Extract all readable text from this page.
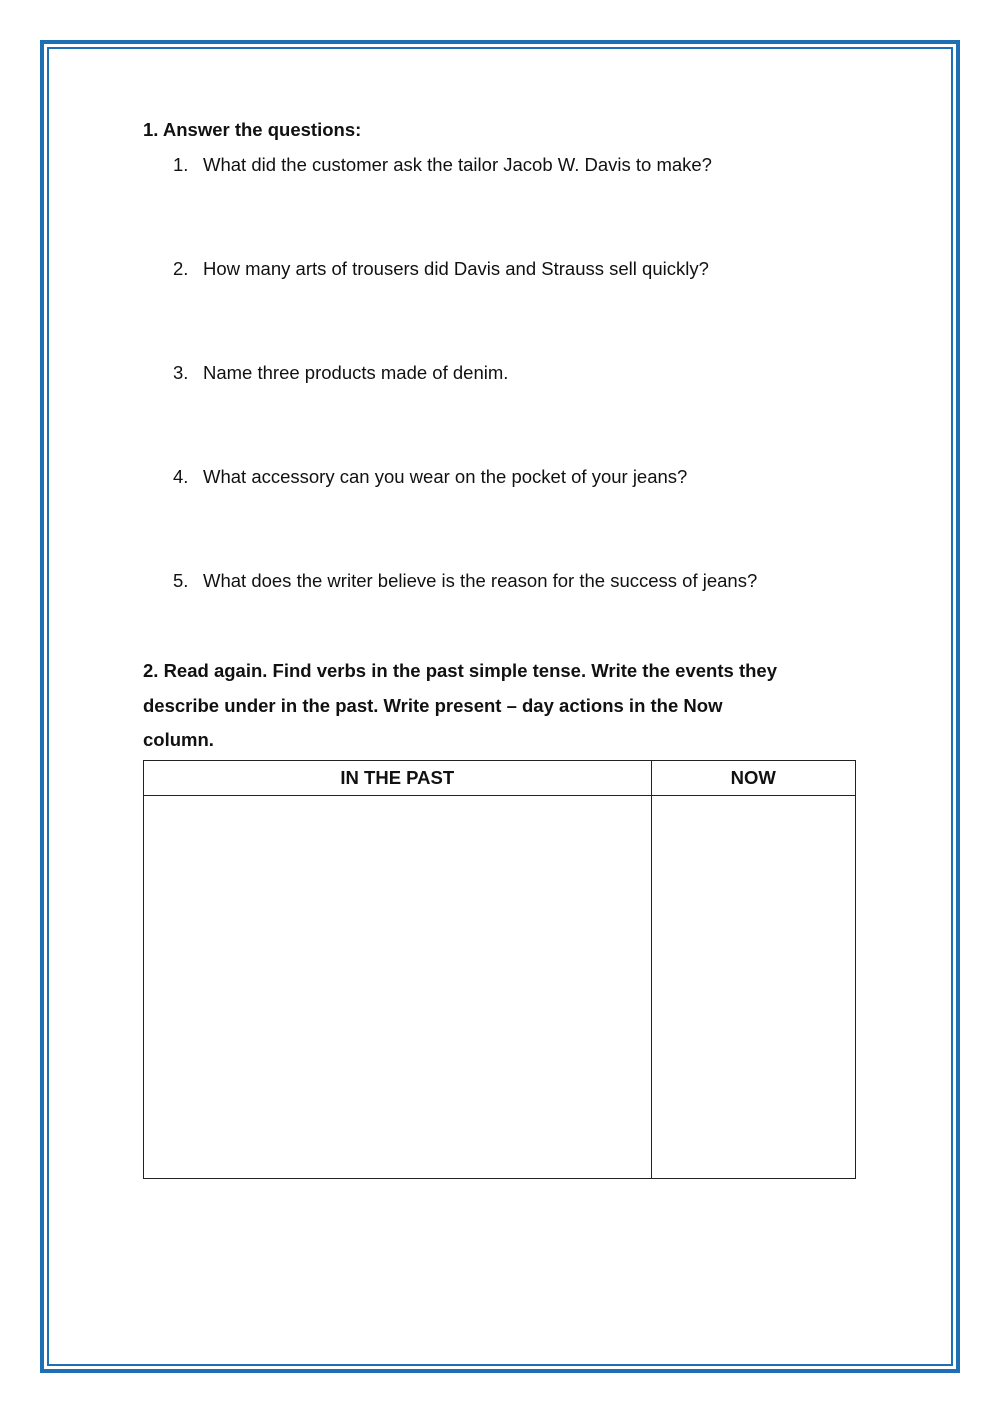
1. Answer the questions:

1. What did the customer ask the tailor Jacob W. Davis to make?
2. How many arts of trousers did Davis and Strauss sell quickly?
3. Name three products made of denim.
4. What accessory can you wear on the pocket of your jeans?
5. What does the writer believe is the reason for the success of jeans?

2. Read again. Find verbs in the past simple tense. Write the events they
describe under in the past. Write present – day actions in the Now
column.

IN THE PAST	NOW
